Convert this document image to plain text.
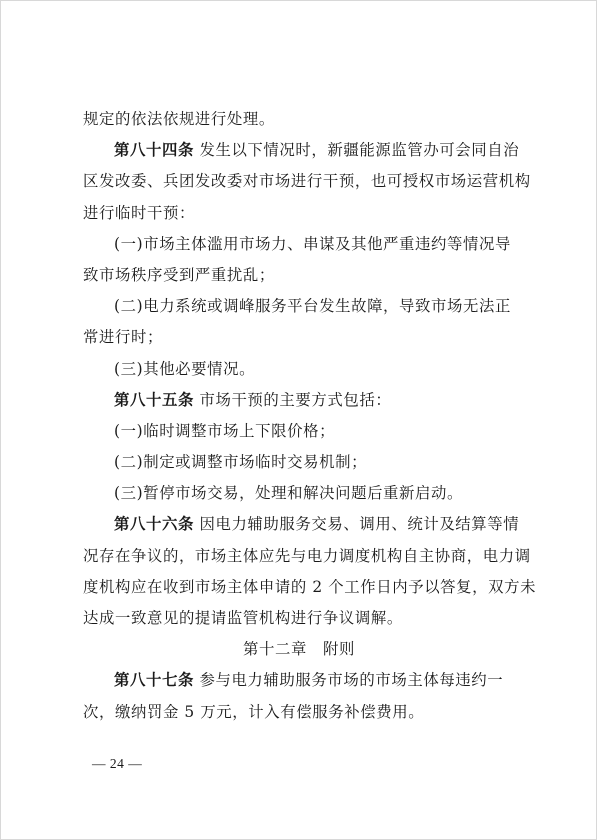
规定的依法依规进行处理。
第八十四条 发生以下情况时，新疆能源监管办可会同自治
区发改委、兵团发改委对市场进行干预，也可授权市场运营机构
进行临时干预：
(一)市场主体滥用市场力、串谋及其他严重违约等情况导
致市场秩序受到严重扰乱；
(二)电力系统或调峰服务平台发生故障，导致市场无法正
常进行时；
(三)其他必要情况。
第八十五条 市场干预的主要方式包括：
(一)临时调整市场上下限价格；
(二)制定或调整市场临时交易机制；
(三)暂停市场交易，处理和解决问题后重新启动。
第八十六条 因电力辅助服务交易、调用、统计及结算等情
况存在争议的，市场主体应先与电力调度机构自主协商，电力调
度机构应在收到市场主体申请的 2 个工作日内予以答复，双方未
达成一致意见的提请监管机构进行争议调解。
第十二章　附则
第八十七条 参与电力辅助服务市场的市场主体每违约一
次，缴纳罚金 5 万元，计入有偿服务补偿费用。
— 24 —
